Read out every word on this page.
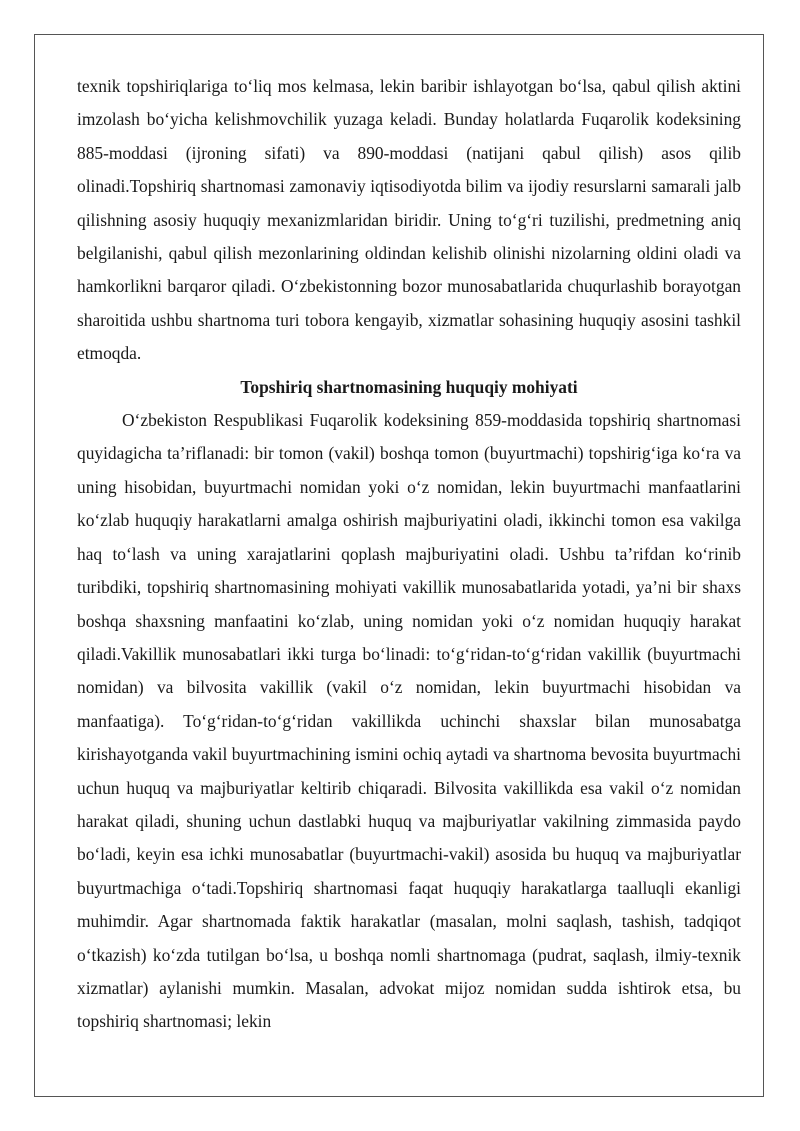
texnik topshiriqlariga to‘liq mos kelmasa, lekin baribir ishlayotgan bo‘lsa, qabul qilish aktini imzolash bo‘yicha kelishmovchilik yuzaga keladi. Bunday holatlarda Fuqarolik kodeksining 885-moddasi (ijroning sifati) va 890-moddasi (natijani qabul qilish) asos qilib olinadi.Topshiriq shartnomasi zamonaviy iqtisodiyotda bilim va ijodiy resurslarni samarali jalb qilishning asosiy huquqiy mexanizmlaridan biridir. Uning to‘g‘ri tuzilishi, predmetning aniq belgilanishi, qabul qilish mezonlarining oldindan kelishib olinishi nizolarning oldini oladi va hamkorlikni barqaror qiladi. O‘zbekistonning bozor munosabatlarida chuqurlashib borayotgan sharoitida ushbu shartnoma turi tobora kengayib, xizmatlar sohasining huquqiy asosini tashkil etmoqda.

Topshiriq shartnomasining huquqiy mohiyati

O‘zbekiston Respublikasi Fuqarolik kodeksining 859-moddasida topshiriq shartnomasi quyidagicha ta’riflanadi: bir tomon (vakil) boshqa tomon (buyurtmachi) topshirig‘iga ko‘ra va uning hisobidan, buyurtmachi nomidan yoki o‘z nomidan, lekin buyurtmachi manfaatlarini ko‘zlab huquqiy harakatlarni amalga oshirish majburiyatini oladi, ikkinchi tomon esa vakilga haq to‘lash va uning xarajatlarini qoplash majburiyatini oladi. Ushbu ta’rifdan ko‘rinib turibdiki, topshiriq shartnomasining mohiyati vakillik munosabatlarida yotadi, ya’ni bir shaxs boshqa shaxsning manfaatini ko‘zlab, uning nomidan yoki o‘z nomidan huquqiy harakat qiladi.Vakillik munosabatlari ikki turga bo‘linadi: to‘g‘ridan-to‘g‘ridan vakillik (buyurtmachi nomidan) va bilvosita vakillik (vakil o‘z nomidan, lekin buyurtmachi hisobidan va manfaatiga). To‘g‘ridan-to‘g‘ridan vakillikda uchinchi shaxslar bilan munosabatga kirishayotganda vakil buyurtmachining ismini ochiq aytadi va shartnoma bevosita buyurtmachi uchun huquq va majburiyatlar keltirib chiqaradi. Bilvosita vakillikda esa vakil o‘z nomidan harakat qiladi, shuning uchun dastlabki huquq va majburiyatlar vakilning zimmasida paydo bo‘ladi, keyin esa ichki munosabatlar (buyurtmachi-vakil) asosida bu huquq va majburiyatlar buyurtmachiga o‘tadi.Topshiriq shartnomasi faqat huquqiy harakatlarga taalluqli ekanligi muhimdir. Agar shartnomada faktik harakatlar (masalan, molni saqlash, tashish, tadqiqot o‘tkazish) ko‘zda tutilgan bo‘lsa, u boshqa nomli shartnomaga (pudrat, saqlash, ilmiy-texnik xizmatlar) aylanishi mumkin. Masalan, advokat mijoz nomidan sudda ishtirok etsa, bu topshiriq shartnomasi; lekin
